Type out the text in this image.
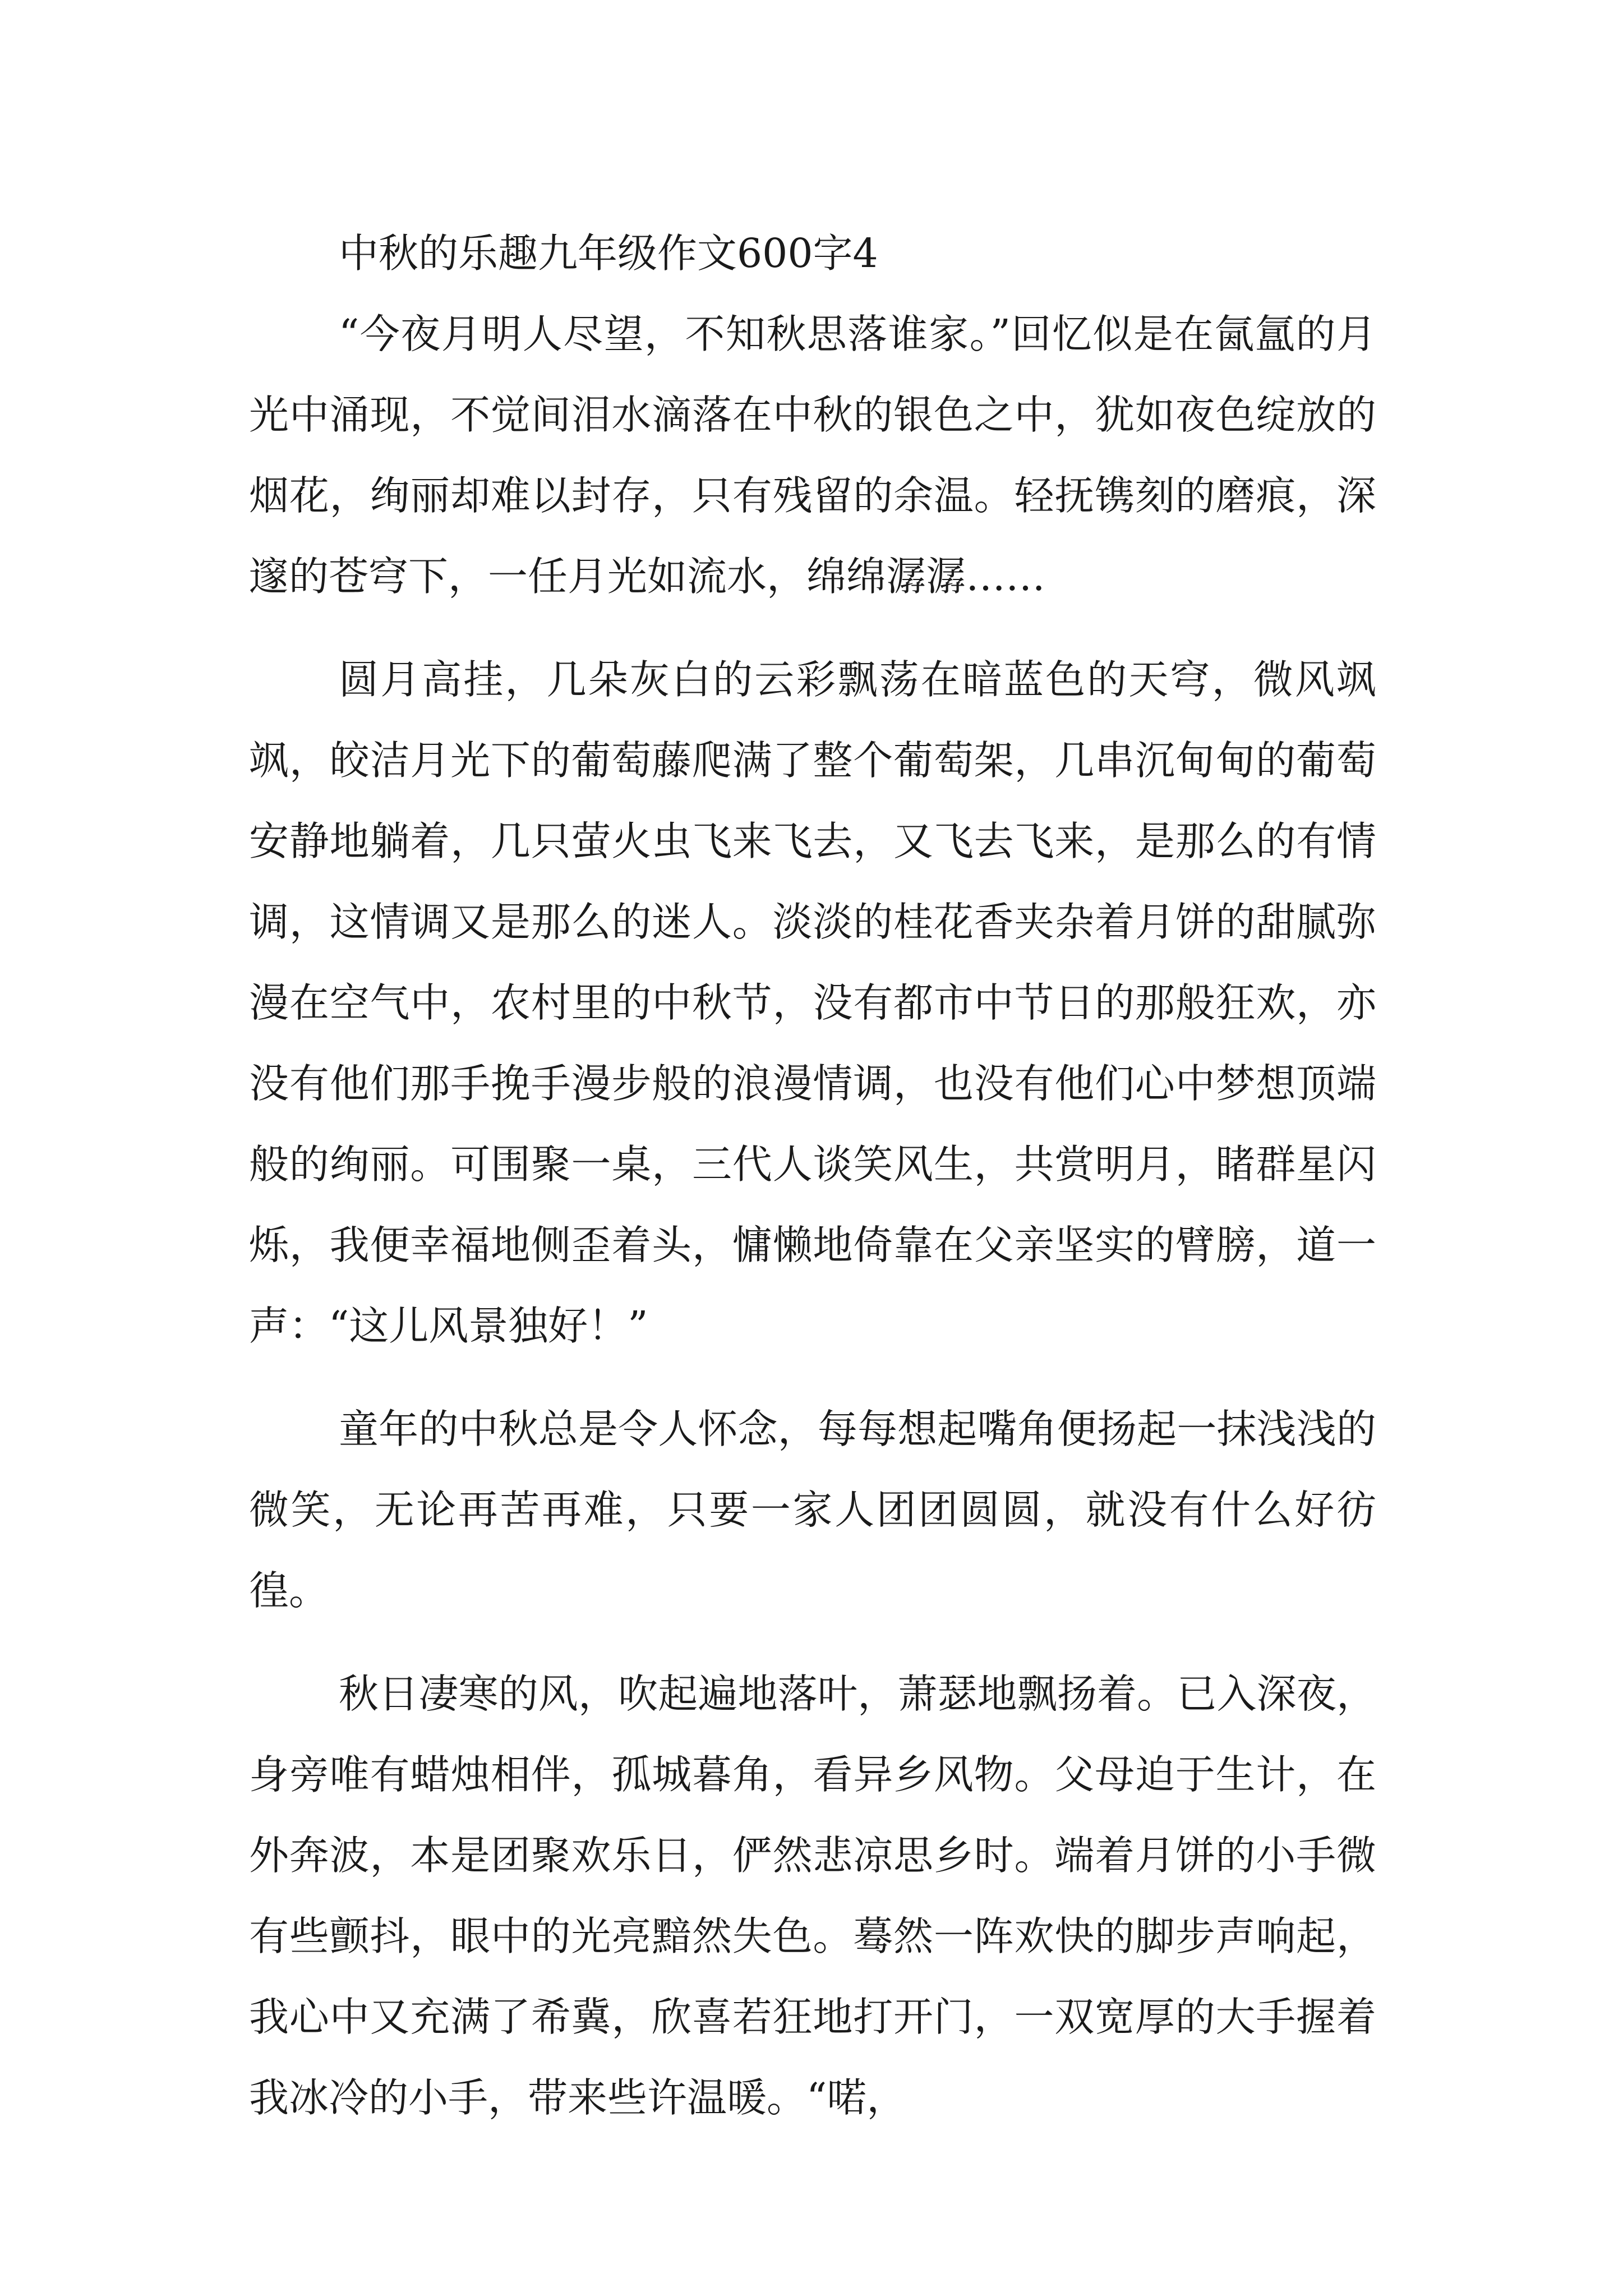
中秋的乐趣九年级作文600字4

“今夜月明人尽望，不知秋思落谁家。”回忆似是在氤氲的月光中涌现，不觉间泪水滴落在中秋的银色之中，犹如夜色绽放的烟花，绚丽却难以封存，只有残留的余温。轻抚镌刻的磨痕，深邃的苍穹下，一任月光如流水，绵绵潺潺……

圆月高挂，几朵灰白的云彩飘荡在暗蓝色的天穹，微风飒飒，皎洁月光下的葡萄藤爬满了整个葡萄架，几串沉甸甸的葡萄安静地躺着，几只萤火虫飞来飞去，又飞去飞来，是那么的有情调，这情调又是那么的迷人。淡淡的桂花香夹杂着月饼的甜腻弥漫在空气中，农村里的中秋节，没有都市中节日的那般狂欢，亦没有他们那手挽手漫步般的浪漫情调，也没有他们心中梦想顶端般的绚丽。可围聚一桌，三代人谈笑风生，共赏明月，睹群星闪烁，我便幸福地侧歪着头，慵懒地倚靠在父亲坚实的臂膀，道一声：“这儿风景独好！”

童年的中秋总是令人怀念，每每想起嘴角便扬起一抹浅浅的微笑，无论再苦再难，只要一家人团团圆圆，就没有什么好彷徨。

秋日凄寒的风，吹起遍地落叶，萧瑟地飘扬着。已入深夜，身旁唯有蜡烛相伴，孤城暮角，看异乡风物。父母迫于生计，在外奔波，本是团聚欢乐日，俨然悲凉思乡时。端着月饼的小手微有些颤抖，眼中的光亮黯然失色。蓦然一阵欢快的脚步声响起，我心中又充满了希冀，欣喜若狂地打开门，一双宽厚的大手握着我冰冷的小手，带来些许温暖。“喏，
